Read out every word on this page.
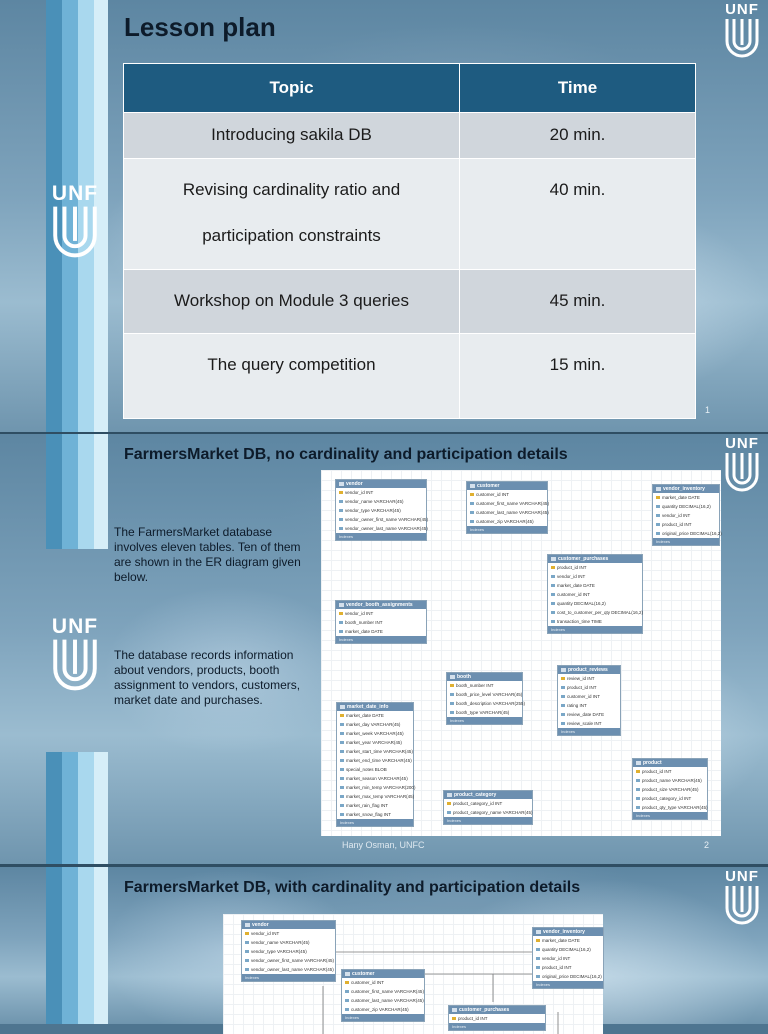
UNF
UNF
Lesson plan
Topic	Time
Introducing sakila DB	20 min.
Revising cardinality ratio and
participation constraints	40 min.
Workshop on Module 3 queries	45 min.
The query competition	15 min.
1
UNF
UNF
FarmersMarket DB, no cardinality and participation details

The FarmersMarket database involves eleven tables. Ten of them are shown in the ER diagram given below.

The database records information about vendors, products, booth assignment to vendors, customers, market date and purchases.

vendor
vendor_id INT
vendor_name VARCHAR(45)
vendor_type VARCHAR(45)
vendor_owner_first_name VARCHAR(45)
vendor_owner_last_name VARCHAR(45)
Indexes
customer
customer_id INT
customer_first_name VARCHAR(45)
customer_last_name VARCHAR(45)
customer_zip VARCHAR(45)
Indexes
vendor_inventory
market_date DATE
quantity DECIMAL(16,2)
vendor_id INT
product_id INT
original_price DECIMAL(16,2)
Indexes
customer_purchases
product_id INT
vendor_id INT
market_date DATE
customer_id INT
quantity DECIMAL(16,2)
cost_to_customer_per_qty DECIMAL(16,2)
transaction_time TIME
Indexes
vendor_booth_assignments
vendor_id INT
booth_number INT
market_date DATE
Indexes
booth
booth_number INT
booth_price_level VARCHAR(45)
booth_description VARCHAR(255)
booth_type VARCHAR(45)
Indexes
product_reviews
review_id INT
product_id INT
customer_id INT
rating INT
review_date DATE
review_scale INT
Indexes
market_date_info
market_date DATE
market_day VARCHAR(45)
market_week VARCHAR(45)
market_year VARCHAR(45)
market_start_time VARCHAR(45)
market_end_time VARCHAR(45)
special_notes BLOB
market_season VARCHAR(45)
market_min_temp VARCHAR(200)
market_max_temp VARCHAR(45)
market_rain_flag INT
market_snow_flag INT
Indexes
product_category
product_category_id INT
product_category_name VARCHAR(45)
Indexes
product
product_id INT
product_name VARCHAR(45)
product_size VARCHAR(45)
product_category_id INT
product_qty_type VARCHAR(45)
Indexes
Hany Osman, UNFC	2
UNF
FarmersMarket DB, with cardinality and participation details
vendor
vendor_id INT
vendor_name VARCHAR(45)
vendor_type VARCHAR(45)
vendor_owner_first_name VARCHAR(45)
vendor_owner_last_name VARCHAR(45)
Indexes
vendor_inventory
market_date DATE
quantity DECIMAL(16,2)
vendor_id INT
product_id INT
original_price DECIMAL(16,2)
Indexes
customer
customer_id INT
customer_first_name VARCHAR(45)
customer_last_name VARCHAR(45)
customer_zip VARCHAR(45)
Indexes
customer_purchases
product_id INT
Indexes
